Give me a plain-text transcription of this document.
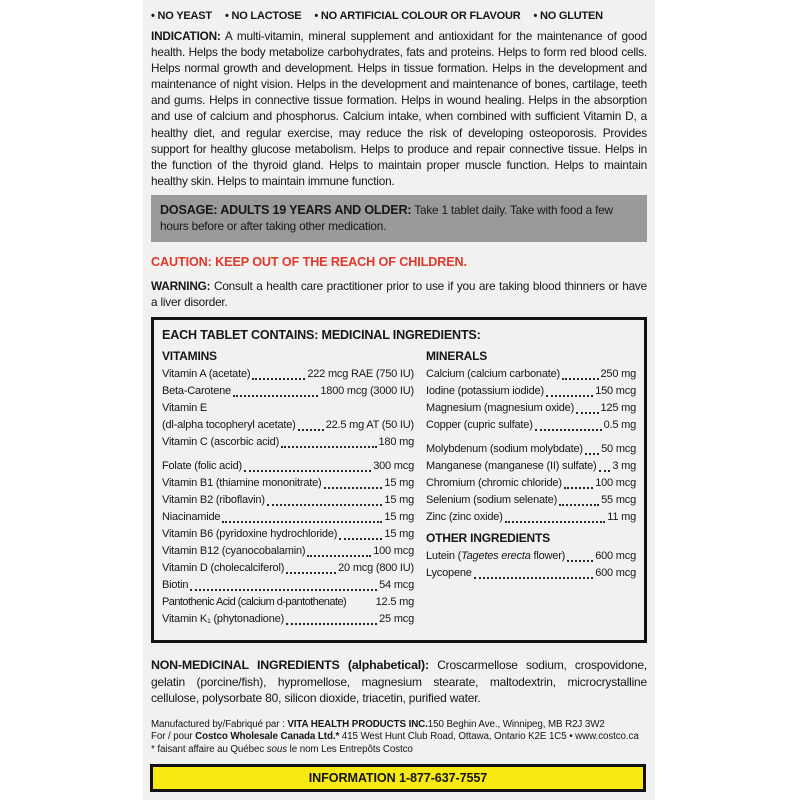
• NO YEAST	• NO LACTOSE	• NO ARTIFICIAL COLOUR OR FLAVOUR	• NO GLUTEN
INDICATION: A multi-vitamin, mineral supplement and antioxidant for the maintenance of good health. Helps the body metabolize carbohydrates, fats and proteins. Helps to form red blood cells. Helps normal growth and development. Helps in tissue formation. Helps in the development and maintenance of night vision. Helps in the development and maintenance of bones, cartilage, teeth and gums. Helps in connective tissue formation. Helps in wound healing. Helps in the absorption and use of calcium and phosphorus. Calcium intake, when combined with sufficient Vitamin D, a healthy diet, and regular exercise, may reduce the risk of developing osteoporosis. Provides support for healthy glucose metabolism. Helps to produce and repair connective tissue. Helps in the function of the thyroid gland. Helps to maintain proper muscle function. Helps to maintain healthy skin. Helps to maintain immune function.
DOSAGE: ADULTS 19 YEARS AND OLDER: Take 1 tablet daily. Take with food a few hours before or after taking other medication.
CAUTION: KEEP OUT OF THE REACH OF CHILDREN.
WARNING: Consult a health care practitioner prior to use if you are taking blood thinners or have a liver disorder.
EACH TABLET CONTAINS: MEDICINAL INGREDIENTS:
VITAMINS
Vitamin A (acetate)	222 mcg RAE (750 IU)
Beta-Carotene	1800 mcg (3000 IU)
Vitamin E
(dl-alpha tocopheryl acetate)	22.5 mg AT (50 IU)
Vitamin C (ascorbic acid)	180 mg
Folate (folic acid)	300 mcg
Vitamin B1 (thiamine mononitrate)	15 mg
Vitamin B2 (riboflavin)	15 mg
Niacinamide	15 mg
Vitamin B6 (pyridoxine hydrochloride)	15 mg
Vitamin B12 (cyanocobalamin)	100 mcg
Vitamin D (cholecalciferol)	20 mcg (800 IU)
Biotin	54 mcg
Pantothenic Acid (calcium d-pantothenate)	12.5 mg
Vitamin K₁ (phytonadione)	25 mcg
MINERALS
Calcium (calcium carbonate)	250 mg
Iodine (potassium iodide)	150 mcg
Magnesium (magnesium oxide) 125 mg
Copper (cupric sulfate)	0.5 mg
Molybdenum (sodium molybdate) 50 mcg
Manganese (manganese (II) sulfate) 3 mg
Chromium (chromic chloride)	100 mcg
Selenium (sodium selenate)	55 mcg
Zinc (zinc oxide)	11 mg
OTHER INGREDIENTS
Lutein (Tagetes erecta flower)	600 mcg
Lycopene	600 mcg
NON-MEDICINAL INGREDIENTS (alphabetical): Croscarmellose sodium, crospovidone, gelatin (porcine/fish), hypromellose, magnesium stearate, maltodextrin, microcrystalline cellulose, polysorbate 80, silicon dioxide, triacetin, purified water.
Manufactured by/Fabriqué par : VITA HEALTH PRODUCTS INC.150 Beghin Ave., Winnipeg, MB R2J 3W2
For / pour Costco Wholesale Canada Ltd.* 415 West Hunt Club Road, Ottawa, Ontario K2E 1C5 • www.costco.ca
* faisant affaire au Québec sous le nom Les Entrepôts Costco
INFORMATION 1-877-637-7557
